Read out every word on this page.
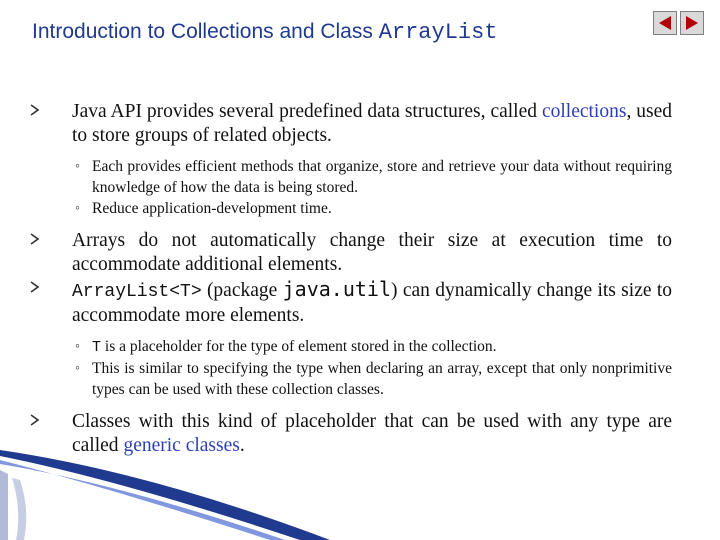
Introduction to Collections and Class ArrayList
Java API provides several predefined data structures, called collections, used to store groups of related objects.
◦ Each provides efficient methods that organize, store and retrieve your data without requiring knowledge of how the data is being stored.
◦ Reduce application-development time.
Arrays do not automatically change their size at execution time to accommodate additional elements.
ArrayList<T> (package java.util) can dynamically change its size to accommodate more elements.
◦ T is a placeholder for the type of element stored in the collection.
◦ This is similar to specifying the type when declaring an array, except that only nonprimitive types can be used with these collection classes.
Classes with this kind of placeholder that can be used with any type are called generic classes.
